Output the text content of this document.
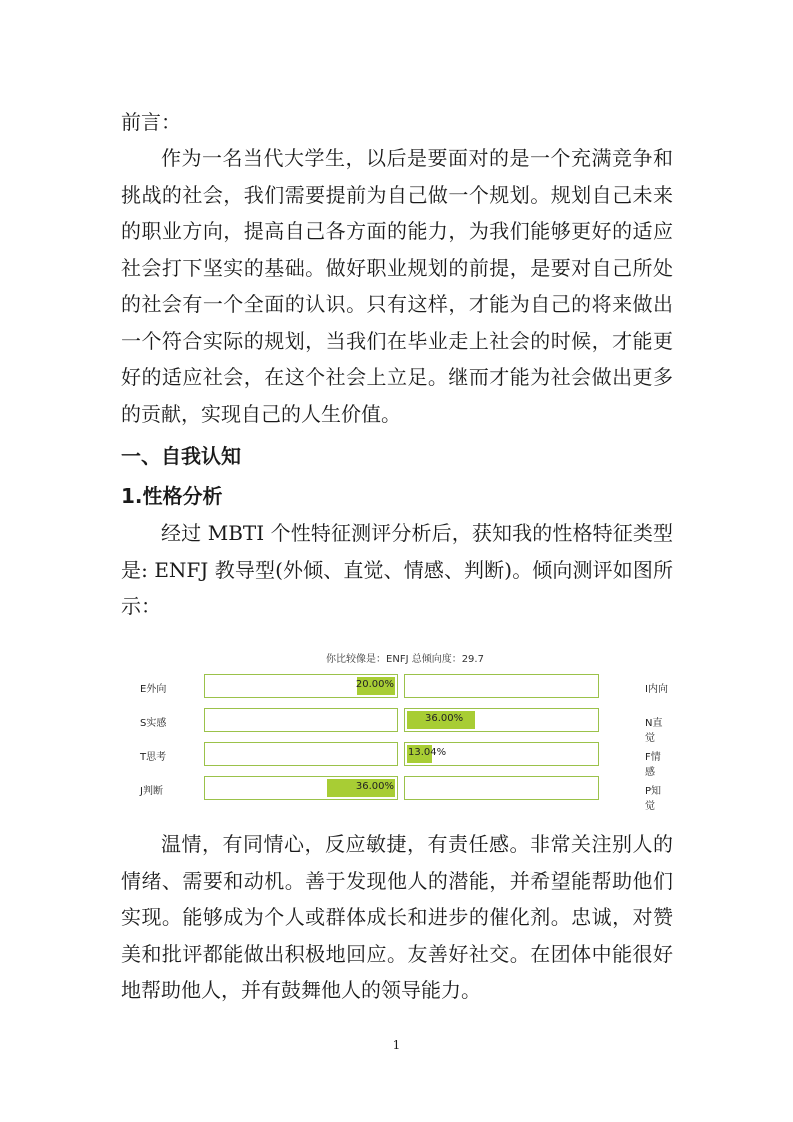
前言：

作为一名当代大学生，以后是要面对的是一个充满竞争和挑战的社会，我们需要提前为自己做一个规划。规划自己未来的职业方向，提高自己各方面的能力，为我们能够更好的适应社会打下坚实的基础。做好职业规划的前提，是要对自己所处的社会有一个全面的认识。只有这样，才能为自己的将来做出一个符合实际的规划，当我们在毕业走上社会的时候，才能更好的适应社会，在这个社会上立足。继而才能为社会做出更多的贡献，实现自己的人生价值。

一、自我认知
1.性格分析

经过 MBTI 个性特征测评分析后，获知我的性格特征类型是: ENFJ 教导型(外倾、直觉、情感、判断)。倾向测评如图所示：

你比较像是：ENFJ 总倾向度：29.7
E外向	20.00%	I内向
S实感	36.00%	N直觉
T思考	13.04%	F情感
J判断	36.00%	P知觉

温情，有同情心，反应敏捷，有责任感。非常关注别人的情绪、需要和动机。善于发现他人的潜能，并希望能帮助他们实现。能够成为个人或群体成长和进步的催化剂。忠诚，对赞美和批评都能做出积极地回应。友善好社交。在团体中能很好地帮助他人，并有鼓舞他人的领导能力。

1
